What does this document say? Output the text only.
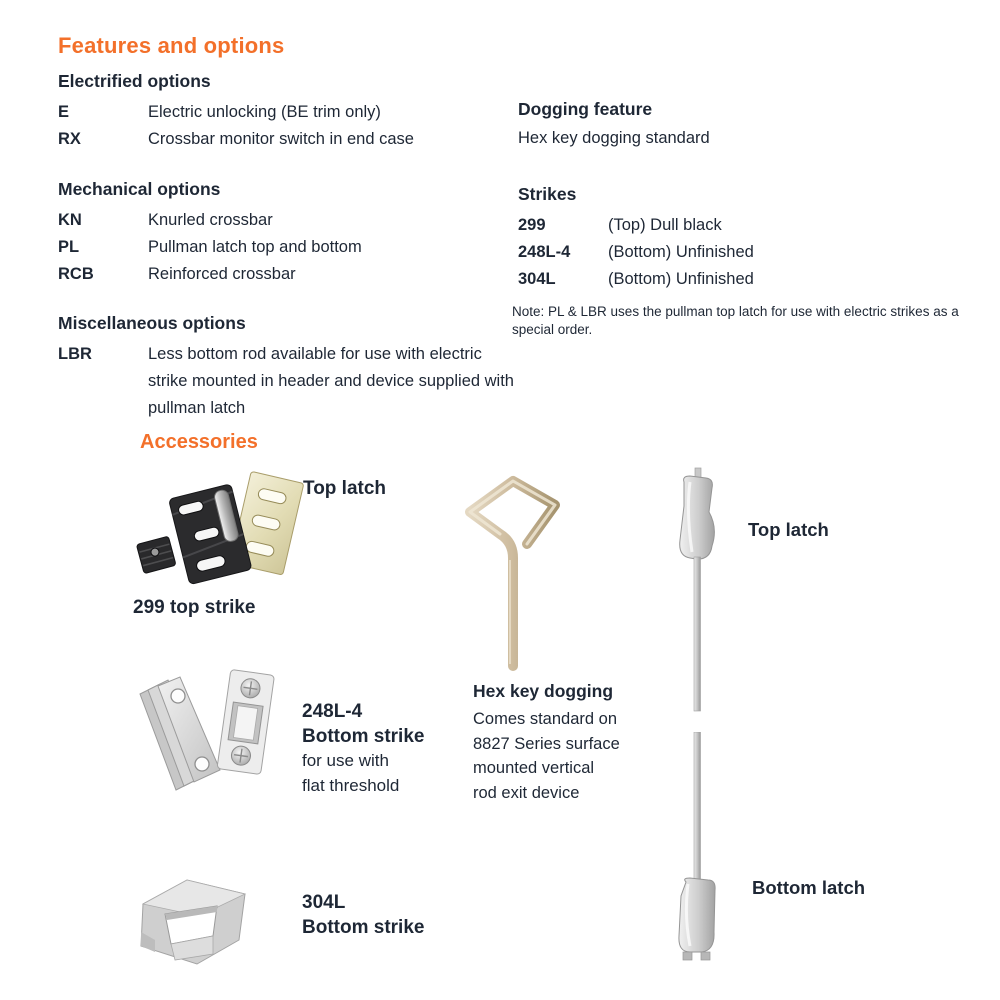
Features and options
Electrified options
E	Electric unlocking (BE trim only)
RX	Crossbar monitor switch in end case
Mechanical options
KN	Knurled crossbar
PL	Pullman latch top and bottom
RCB	Reinforced crossbar
Miscellaneous options
LBR	Less bottom rod available for use with electric strike mounted in header and device supplied with pullman latch
Dogging feature
Hex key dogging standard
Strikes
299	(Top) Dull black
248L-4	(Bottom) Unfinished
304L	(Bottom) Unfinished
Note: PL & LBR uses the pullman top latch for use with electric strikes as a special order.
Accessories
Top latch
299 top strike
248L-4
Bottom strike
for use with
flat threshold
304L
Bottom strike
Hex key dogging
Comes standard on
8827 Series surface
mounted vertical
rod exit device
Top latch
Bottom latch
